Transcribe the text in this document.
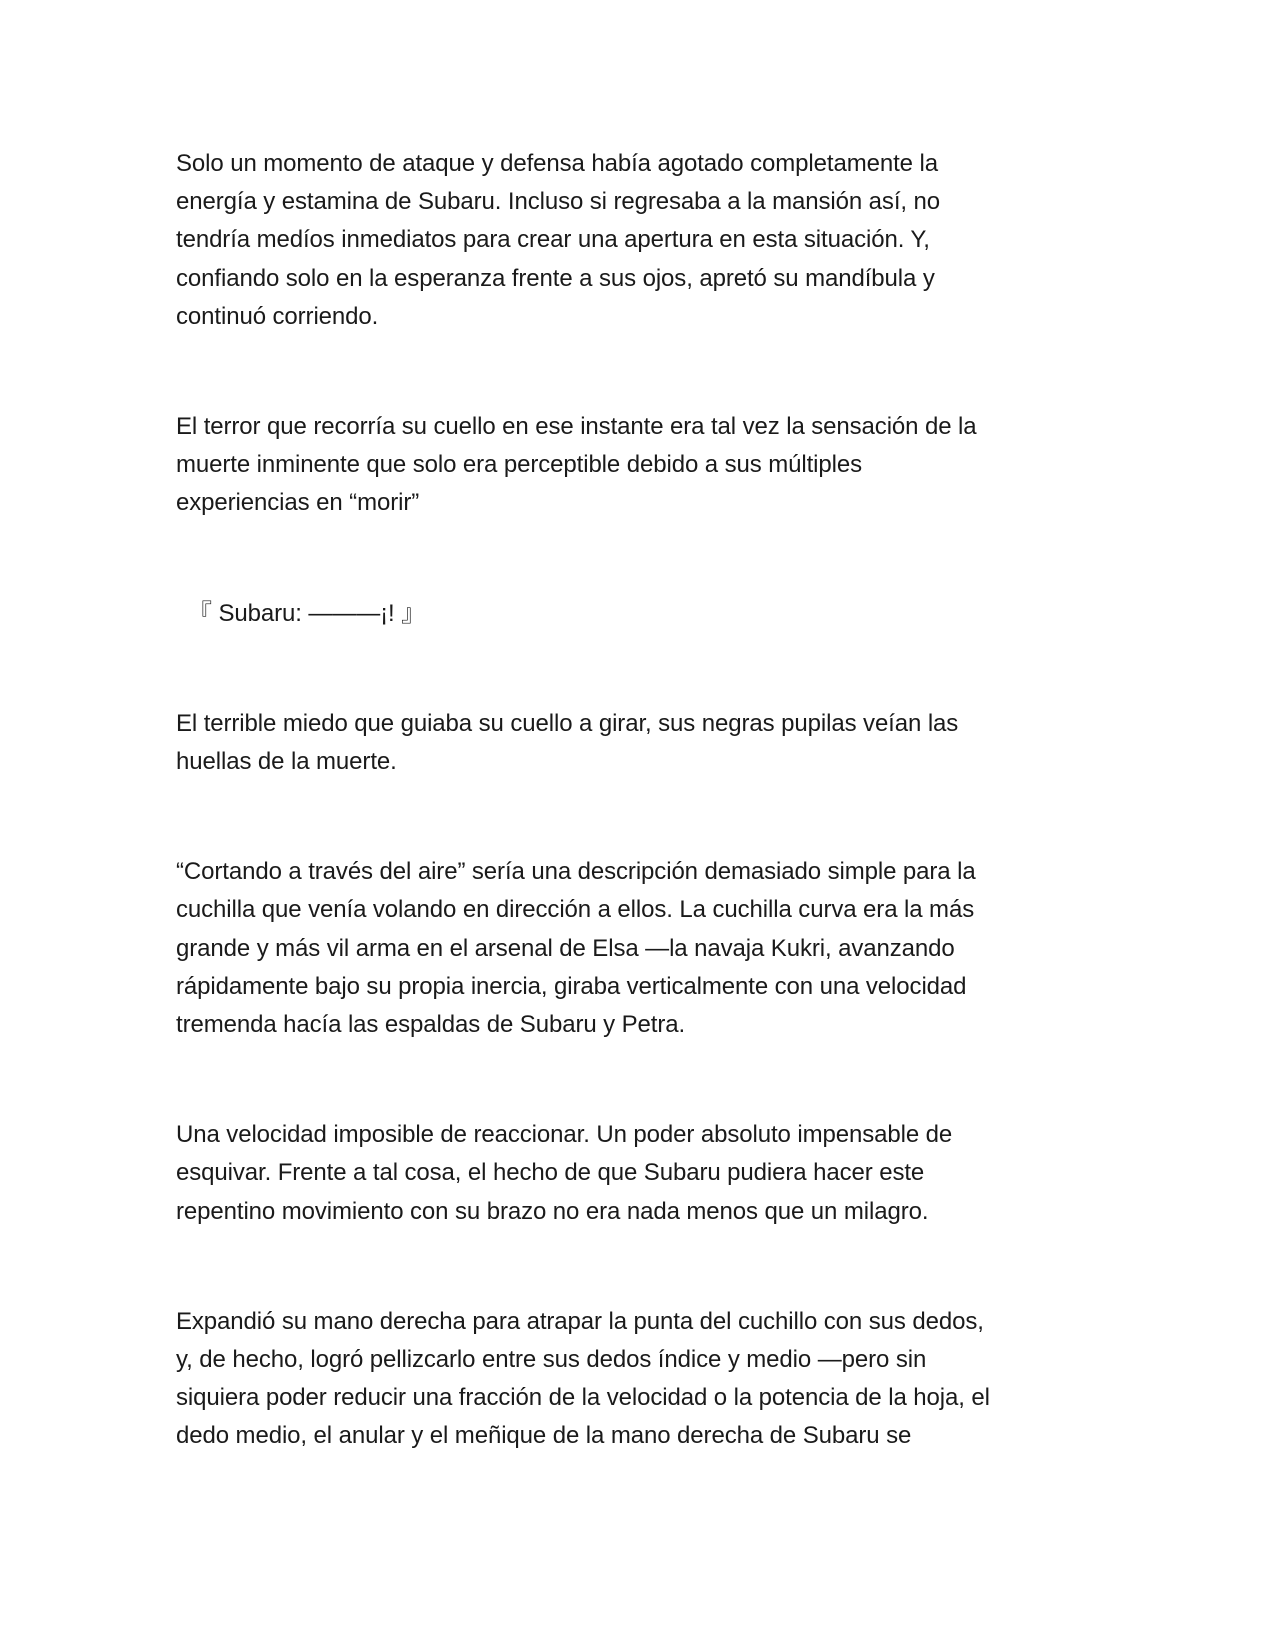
Solo un momento de ataque y defensa había agotado completamente la
energía y estamina de Subaru. Incluso si regresaba a la mansión así, no
tendría medíos inmediatos para crear una apertura en esta situación. Y,
confiando solo en la esperanza frente a sus ojos, apretó su mandíbula y
continuó corriendo.

El terror que recorría su cuello en ese instante era tal vez la sensación de la
muerte inminente que solo era perceptible debido a sus múltiples
experiencias en “morir”

『 Subaru: ———¡! 』

El terrible miedo que guiaba su cuello a girar, sus negras pupilas veían las
huellas de la muerte.

“Cortando a través del aire” sería una descripción demasiado simple para la
cuchilla que venía volando en dirección a ellos. La cuchilla curva era la más
grande y más vil arma en el arsenal de Elsa —la navaja Kukri, avanzando
rápidamente bajo su propia inercia, giraba verticalmente con una velocidad
tremenda hacía las espaldas de Subaru y Petra.

Una velocidad imposible de reaccionar. Un poder absoluto impensable de
esquivar. Frente a tal cosa, el hecho de que Subaru pudiera hacer este
repentino movimiento con su brazo no era nada menos que un milagro.

Expandió su mano derecha para atrapar la punta del cuchillo con sus dedos,
y, de hecho, logró pellizcarlo entre sus dedos índice y medio —pero sin
siquiera poder reducir una fracción de la velocidad o la potencia de la hoja, el
dedo medio, el anular y el meñique de la mano derecha de Subaru se
